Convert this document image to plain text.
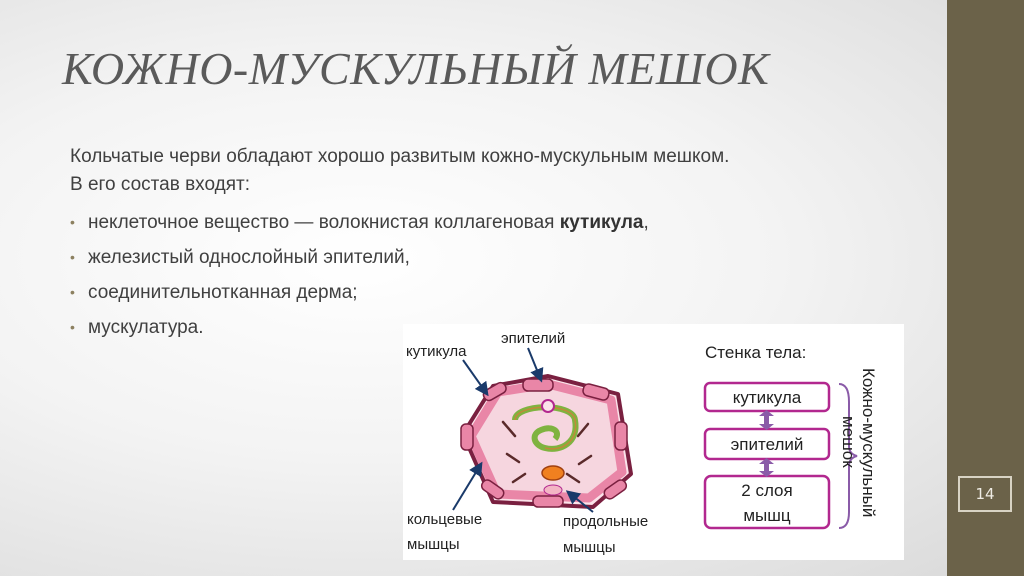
14
КОЖНО-МУСКУЛЬНЫЙ МЕШОК

Кольчатые черви обладают хорошо развитым кожно-мускульным мешком.
В его состав входят:

• неклеточное вещество — волокнистая коллагеновая кутикула,
• железистый однослойный эпителий,
• соединительнотканная дерма;
• мускулатура.
эпителий
кутикула
кольцевые
мышцы
продольные
мышцы
Стенка тела:
кутикула
эпителий
2 слоя
мышц	Кожно-мускульный
мешок
